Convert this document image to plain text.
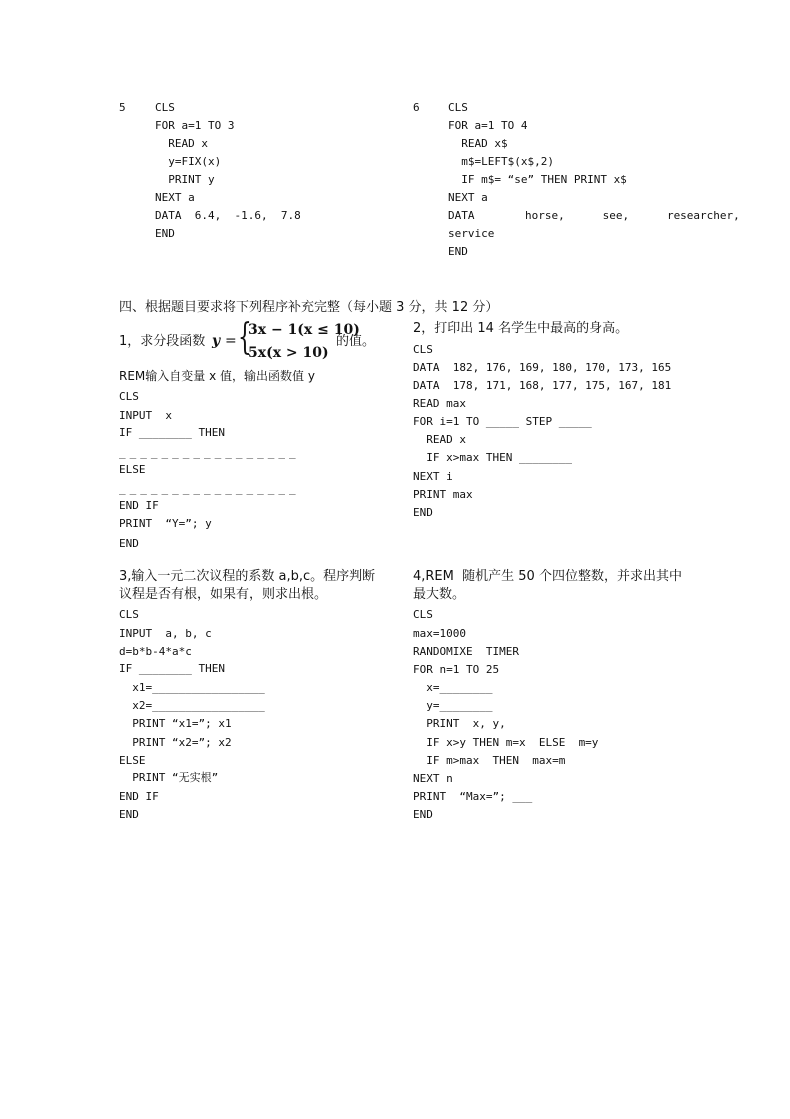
5	CLS
FOR a=1 TO 3
READ x
y=FIX(x)
PRINT y
NEXT a
DATA  6.4,  -1.6,  7.8
END
6	CLS
FOR a=1 TO 4
READ x$
m$=LEFT$(x$,2)
IF m$= “se” THEN PRINT x$
NEXT a
DATA    horse,   see,   researcher,
service
END
四、根据题目要求将下列程序补充完整（每小题 3 分，共 12 分）
1，求分段函数 y = {
3x − 1(x ≤ 10)
5x(x > 10)
的值。
REM输入自变量 x 值，输出函数值 y
CLS
INPUT  x
IF ________ THEN
_________________
ELSE
_________________
END IF
PRINT  “Y=”; y
END
2，打印出 14 名学生中最高的身高。
CLS
DATA  182, 176, 169, 180, 170, 173, 165
DATA  178, 171, 168, 177, 175, 167, 181
READ max
FOR i=1 TO _____ STEP _____
READ x
IF x>max THEN ________
NEXT i
PRINT max
END
3,输入一元二次议程的系数 a,b,c。程序判断
议程是否有根，如果有，则求出根。
CLS
INPUT  a, b, c
d=b*b-4*a*c
IF ________ THEN
x1=_________________
x2=_________________
PRINT “x1=”; x1
PRINT “x2=”; x2
ELSE
PRINT “无实根”
END IF
END
4,REM  随机产生 50 个四位整数，并求出其中
最大数。
CLS
max=1000
RANDOMIXE  TIMER
FOR n=1 TO 25
x=________
y=________
PRINT  x, y,
IF x>y THEN m=x  ELSE  m=y
IF m>max  THEN  max=m
NEXT n
PRINT  “Max=”; ___
END
